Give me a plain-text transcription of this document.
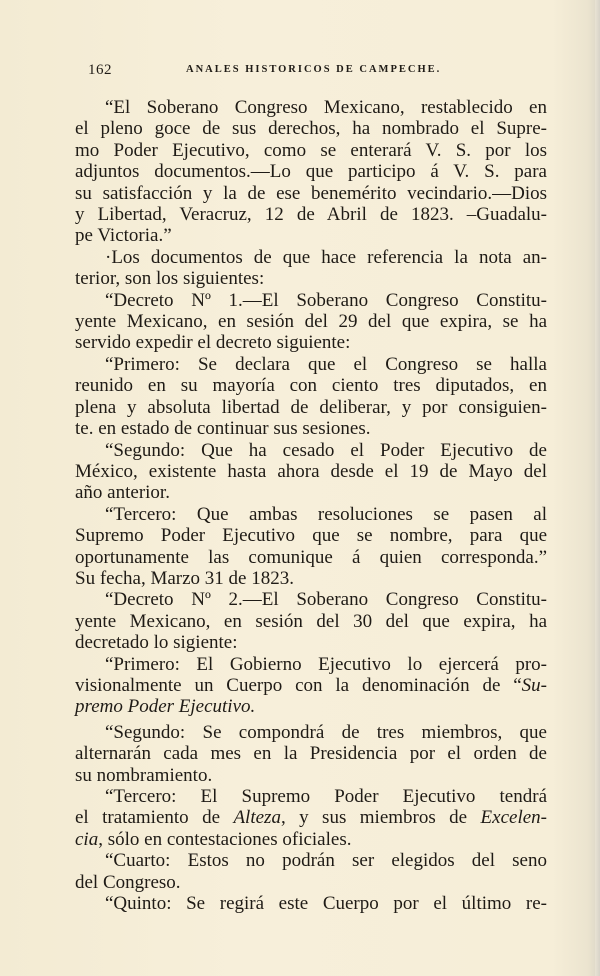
162	ANALES HISTORICOS DE CAMPECHE.
“El Soberano Congreso Mexicano, restablecido en
el pleno goce de sus derechos, ha nombrado el Supre-
mo Poder Ejecutivo, como se enterará V. S. por los
adjuntos documentos.—Lo que participo á V. S. para
su satisfacción y la de ese benemérito vecindario.—Dios
y Libertad, Veracruz, 12 de Abril de 1823. –Guadalu-
pe Victoria.”
·Los documentos de que hace referencia la nota an-
terior, son los siguientes:
“Decreto Nº 1.—El Soberano Congreso Constitu-
yente Mexicano, en sesión del 29 del que expira, se ha
servido expedir el decreto siguiente:
“Primero: Se declara que el Congreso se halla
reunido en su mayoría con ciento tres diputados, en
plena y absoluta libertad de deliberar, y por consiguien-
te. en estado de continuar sus sesiones.
“Segundo: Que ha cesado el Poder Ejecutivo de
México, existente hasta ahora desde el 19 de Mayo del
año anterior.
“Tercero: Que ambas resoluciones se pasen al
Supremo Poder Ejecutivo que se nombre, para que
oportunamente las comunique á quien corresponda.”
Su fecha, Marzo 31 de 1823.
“Decreto Nº 2.—El Soberano Congreso Constitu-
yente Mexicano, en sesión del 30 del que expira, ha
decretado lo sigiente:
“Primero: El Gobierno Ejecutivo lo ejercerá pro-
visionalmente un Cuerpo con la denominación de “Su-
premo Poder Ejecutivo.
“Segundo: Se compondrá de tres miembros, que
alternarán cada mes en la Presidencia por el orden de
su nombramiento.
“Tercero: El Supremo Poder Ejecutivo tendrá
el tratamiento de Alteza, y sus miembros de Excelen-
cia, sólo en contestaciones oficiales.
“Cuarto: Estos no podrán ser elegidos del seno
del Congreso.
“Quinto: Se regirá este Cuerpo por el último re-
